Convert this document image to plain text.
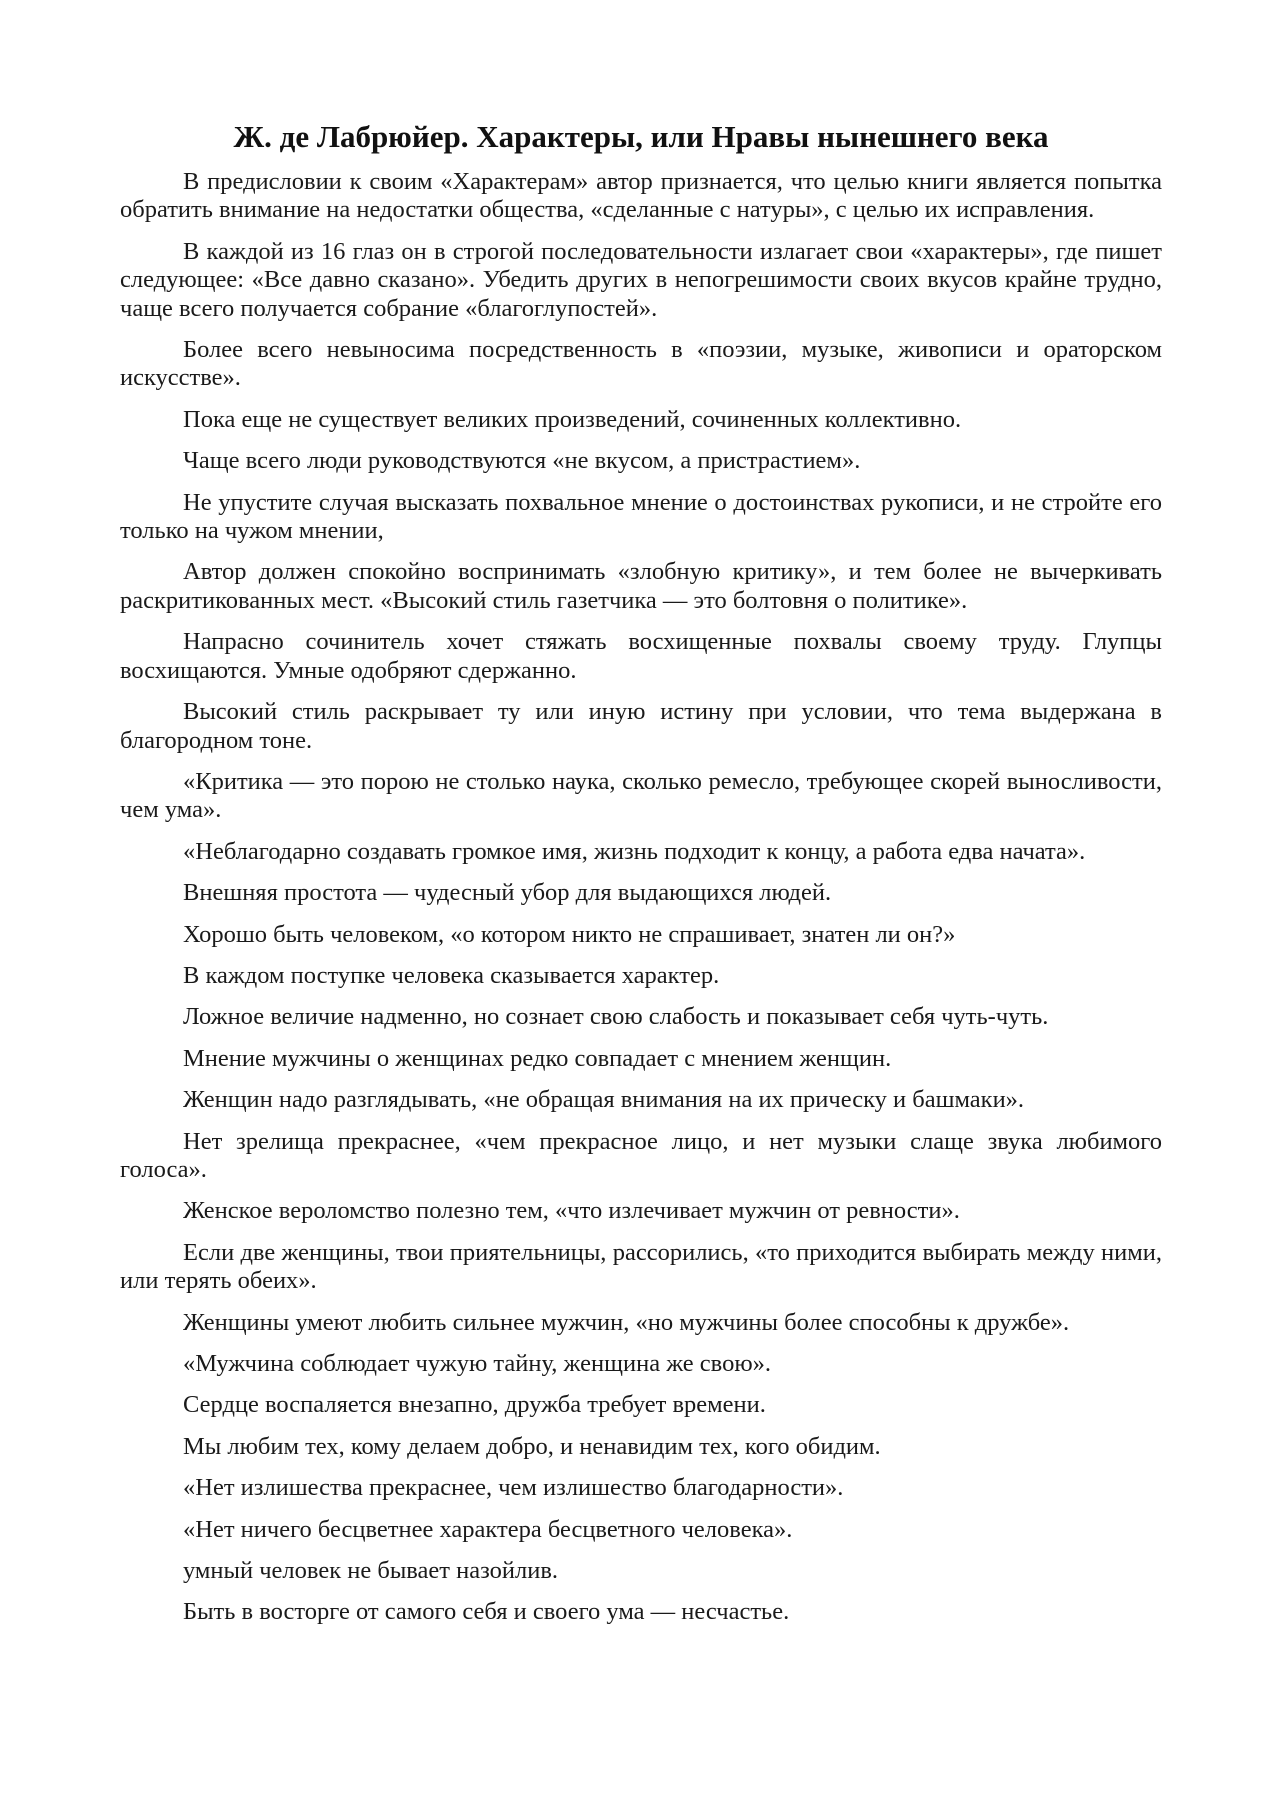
Ж. де Лабрюйер. Характеры, или Нравы нынешнего века

В предисловии к своим «Характерам» автор признается, что целью книги является попытка обратить внимание на недостатки общества, «сделанные с натуры», с целью их исправления.

В каждой из 16 глаз он в строгой последовательности излагает свои «характеры», где пишет следующее: «Все давно сказано». Убедить других в непогрешимости своих вкусов крайне трудно, чаще всего получается собрание «благоглупостей».

Более всего невыносима посредственность в «поэзии, музыке, живописи и ораторском искусстве».

Пока еще не существует великих произведений, сочиненных коллективно.

Чаще всего люди руководствуются «не вкусом, а пристрастием».

Не упустите случая высказать похвальное мнение о достоинствах рукописи, и не стройте его только на чужом мнении,

Автор должен спокойно воспринимать «злобную критику», и тем более не вычеркивать раскритикованных мест. «Высокий стиль газетчика — это болтовня о политике».

Напрасно сочинитель хочет стяжать восхищенные похвалы своему труду. Глупцы восхищаются. Умные одобряют сдержанно.

Высокий стиль раскрывает ту или иную истину при условии, что тема выдержана в благородном тоне.

«Критика — это порою не столько наука, сколько ремесло, требующее скорей выносливости, чем ума».

«Неблагодарно создавать громкое имя, жизнь подходит к концу, а работа едва начата».

Внешняя простота — чудесный убор для выдающихся людей.

Хорошо быть человеком, «о котором никто не спрашивает, знатен ли он?»

В каждом поступке человека сказывается характер.

Ложное величие надменно, но сознает свою слабость и показывает себя чуть-чуть.

Мнение мужчины о женщинах редко совпадает с мнением женщин.

Женщин надо разглядывать, «не обращая внимания на их прическу и башмаки».

Нет зрелища прекраснее, «чем прекрасное лицо, и нет музыки слаще звука любимого голоса».

Женское вероломство полезно тем, «что излечивает мужчин от ревности».

Если две женщины, твои приятельницы, рассорились, «то приходится выбирать между ними, или терять обеих».

Женщины умеют любить сильнее мужчин, «но мужчины более способны к дружбе».

«Мужчина соблюдает чужую тайну, женщина же свою».

Сердце воспаляется внезапно, дружба требует времени.

Мы любим тех, кому делаем добро, и ненавидим тех, кого обидим.

«Нет излишества прекраснее, чем излишество благодарности».

«Нет ничего бесцветнее характера бесцветного человека».

умный человек не бывает назойлив.

Быть в восторге от самого себя и своего ума — несчастье.
